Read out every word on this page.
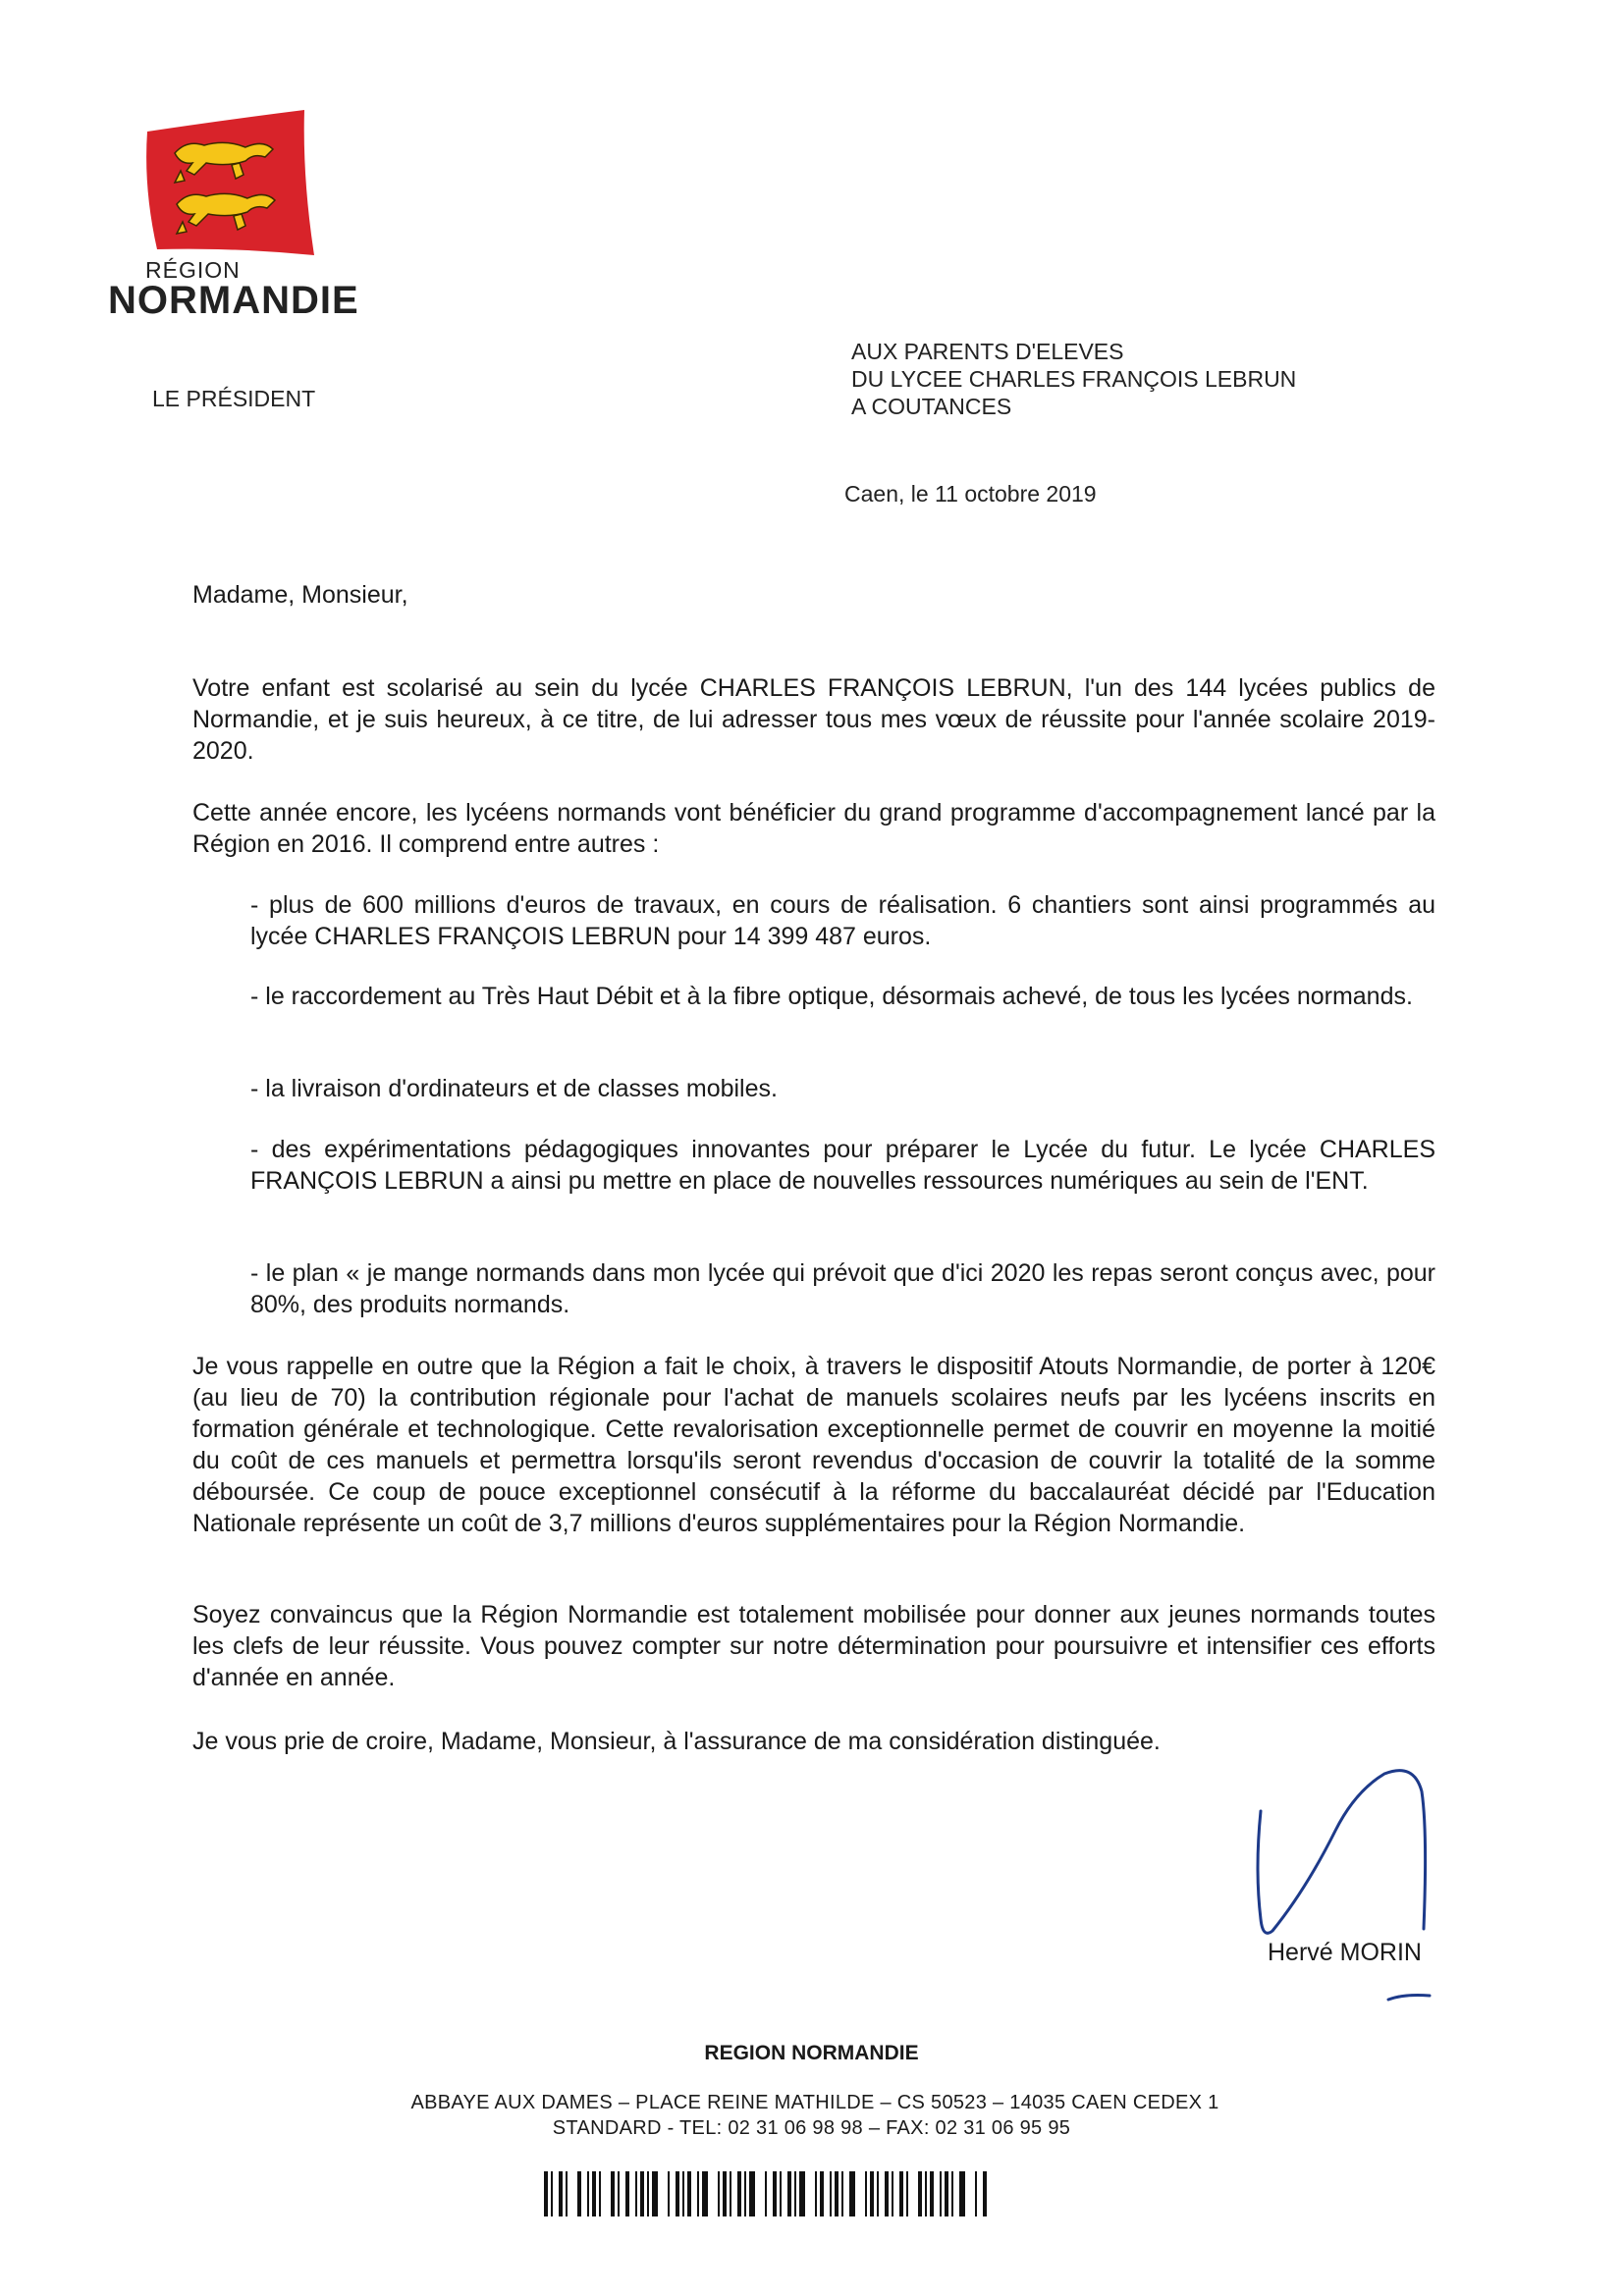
RÉGION
NORMANDIE
LE PRÉSIDENT
AUX PARENTS D'ELEVES
DU LYCEE CHARLES FRANÇOIS LEBRUN
A COUTANCES
Caen, le 11 octobre 2019
Madame, Monsieur,
Votre enfant est scolarisé au sein du lycée CHARLES FRANÇOIS LEBRUN, l'un des 144 lycées publics de Normandie, et je suis heureux, à ce titre, de lui adresser tous mes vœux de réussite pour l'année scolaire 2019-2020.
Cette année encore, les lycéens normands vont bénéficier du grand programme d'accompagnement lancé par la Région en 2016. Il comprend entre autres :
- plus de 600 millions d'euros de travaux, en cours de réalisation. 6 chantiers sont ainsi programmés au lycée CHARLES FRANÇOIS LEBRUN pour 14 399 487 euros.
- le raccordement au Très Haut Débit et à la fibre optique, désormais achevé, de tous les lycées normands.
- la livraison d'ordinateurs et de classes mobiles.
- des expérimentations pédagogiques innovantes pour préparer le Lycée du futur. Le lycée CHARLES FRANÇOIS LEBRUN a ainsi pu mettre en place de nouvelles ressources numériques au sein de l'ENT.
- le plan « je mange normands dans mon lycée qui prévoit que d'ici 2020 les repas seront conçus avec, pour 80%, des produits normands.
Je vous rappelle en outre que la Région a fait le choix, à travers le dispositif Atouts Normandie, de porter à 120€ (au lieu de 70) la contribution régionale pour l'achat de manuels scolaires neufs par les lycéens inscrits en formation générale et technologique. Cette revalorisation exceptionnelle permet de couvrir en moyenne la moitié du coût de ces manuels et permettra lorsqu'ils seront revendus d'occasion de couvrir la totalité de la somme déboursée. Ce coup de pouce exceptionnel consécutif à la réforme du baccalauréat décidé par l'Education Nationale représente un coût de 3,7 millions d'euros supplémentaires pour la Région Normandie.
Soyez convaincus que la Région Normandie est totalement mobilisée pour donner aux jeunes normands toutes les clefs de leur réussite. Vous pouvez compter sur notre détermination pour poursuivre et intensifier ces efforts d'année en année.
Je vous prie de croire, Madame, Monsieur, à l'assurance de ma considération distinguée.
Hervé MORIN
REGION NORMANDIE
ABBAYE AUX DAMES – PLACE REINE MATHILDE – CS 50523 – 14035 CAEN CEDEX 1
STANDARD - TEL: 02 31 06 98 98 – FAX: 02 31 06 95 95
